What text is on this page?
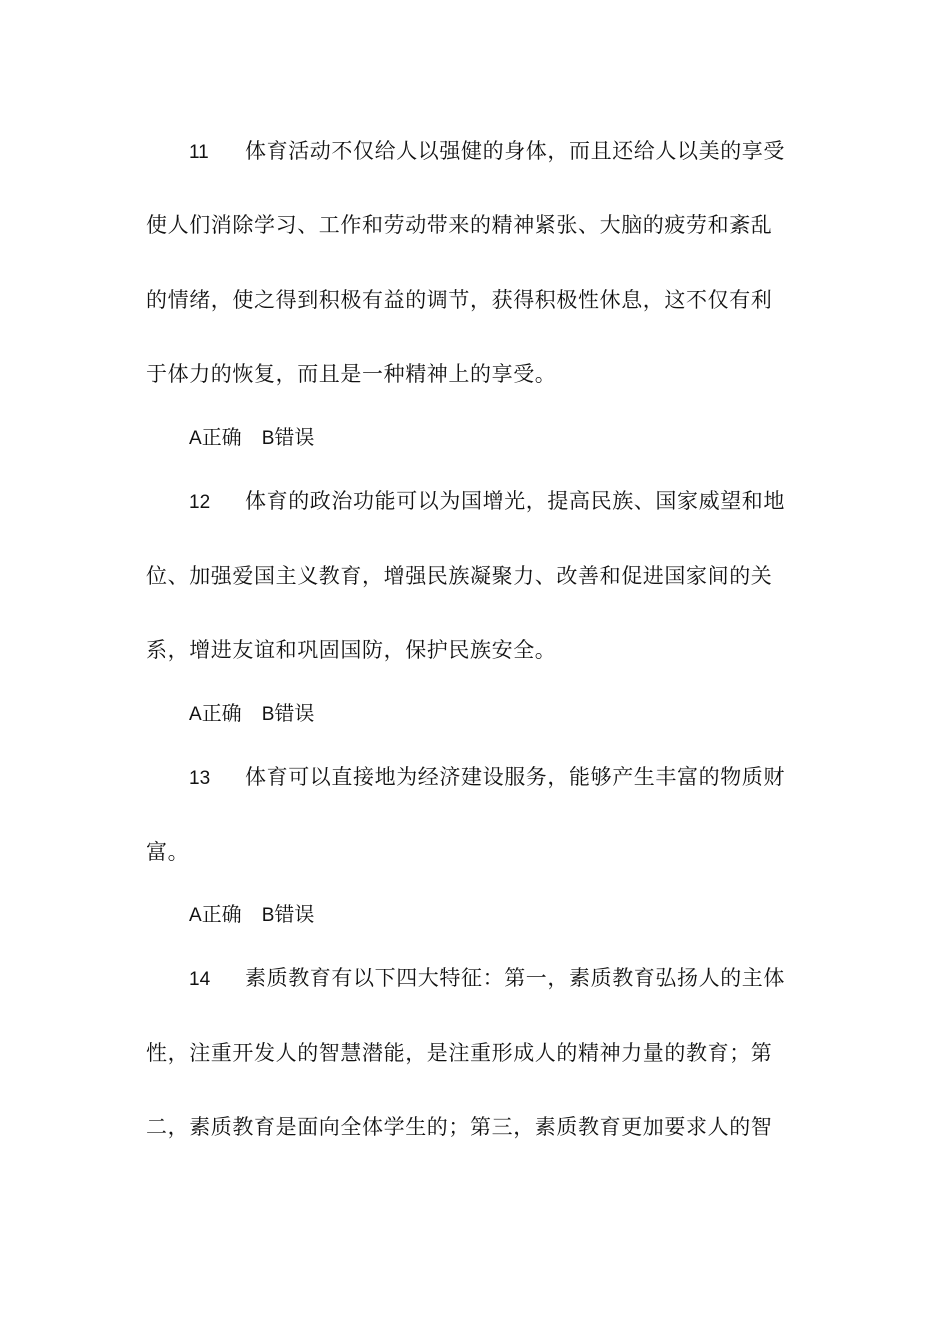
11 体育活动不仅给人以强健的身体，而且还给人以美的享受
使人们消除学习、工作和劳动带来的精神紧张、大脑的疲劳和紊乱
的情绪，使之得到积极有益的调节，获得积极性休息，这不仅有利
于体力的恢复，而且是一种精神上的享受。
A正确 B错误
12 体育的政治功能可以为国增光，提高民族、国家威望和地
位、加强爱国主义教育，增强民族凝聚力、改善和促进国家间的关
系，增进友谊和巩固国防，保护民族安全。
A正确 B错误
13 体育可以直接地为经济建设服务，能够产生丰富的物质财
富。
A正确 B错误
14 素质教育有以下四大特征：第一，素质教育弘扬人的主体
性，注重开发人的智慧潜能，是注重形成人的精神力量的教育；第
二，素质教育是面向全体学生的；第三，素质教育更加要求人的智
